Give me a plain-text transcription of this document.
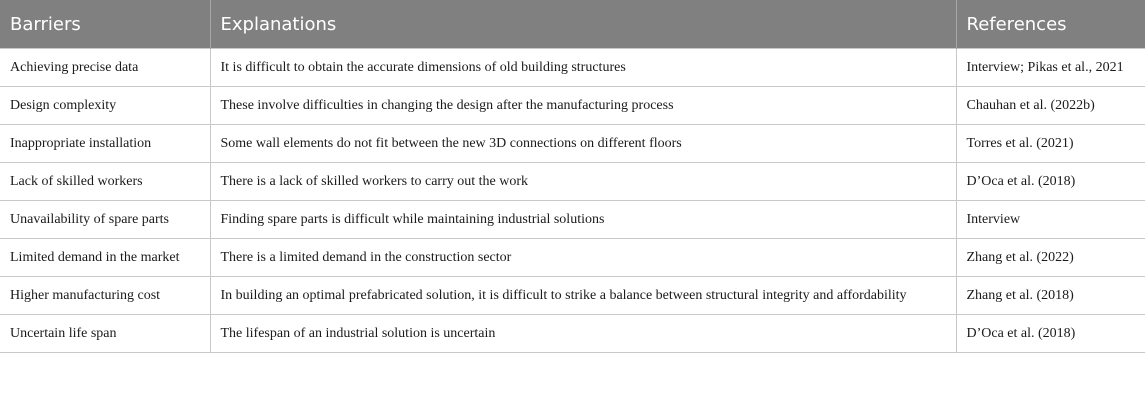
Barriers	Explanations	References
Achieving precise data	It is difficult to obtain the accurate dimensions of old building structures	Interview; Pikas et al., 2021
Design complexity	These involve difficulties in changing the design after the manufacturing process	Chauhan et al. (2022b)
Inappropriate installation	Some wall elements do not fit between the new 3D connections on different floors	Torres et al. (2021)
Lack of skilled workers	There is a lack of skilled workers to carry out the work	D’Oca et al. (2018)
Unavailability of spare parts	Finding spare parts is difficult while maintaining industrial solutions	Interview
Limited demand in the market	There is a limited demand in the construction sector	Zhang et al. (2022)
Higher manufacturing cost	In building an optimal prefabricated solution, it is difficult to strike a balance between structural integrity and affordability	Zhang et al. (2018)
Uncertain life span	The lifespan of an industrial solution is uncertain	D’Oca et al. (2018)
